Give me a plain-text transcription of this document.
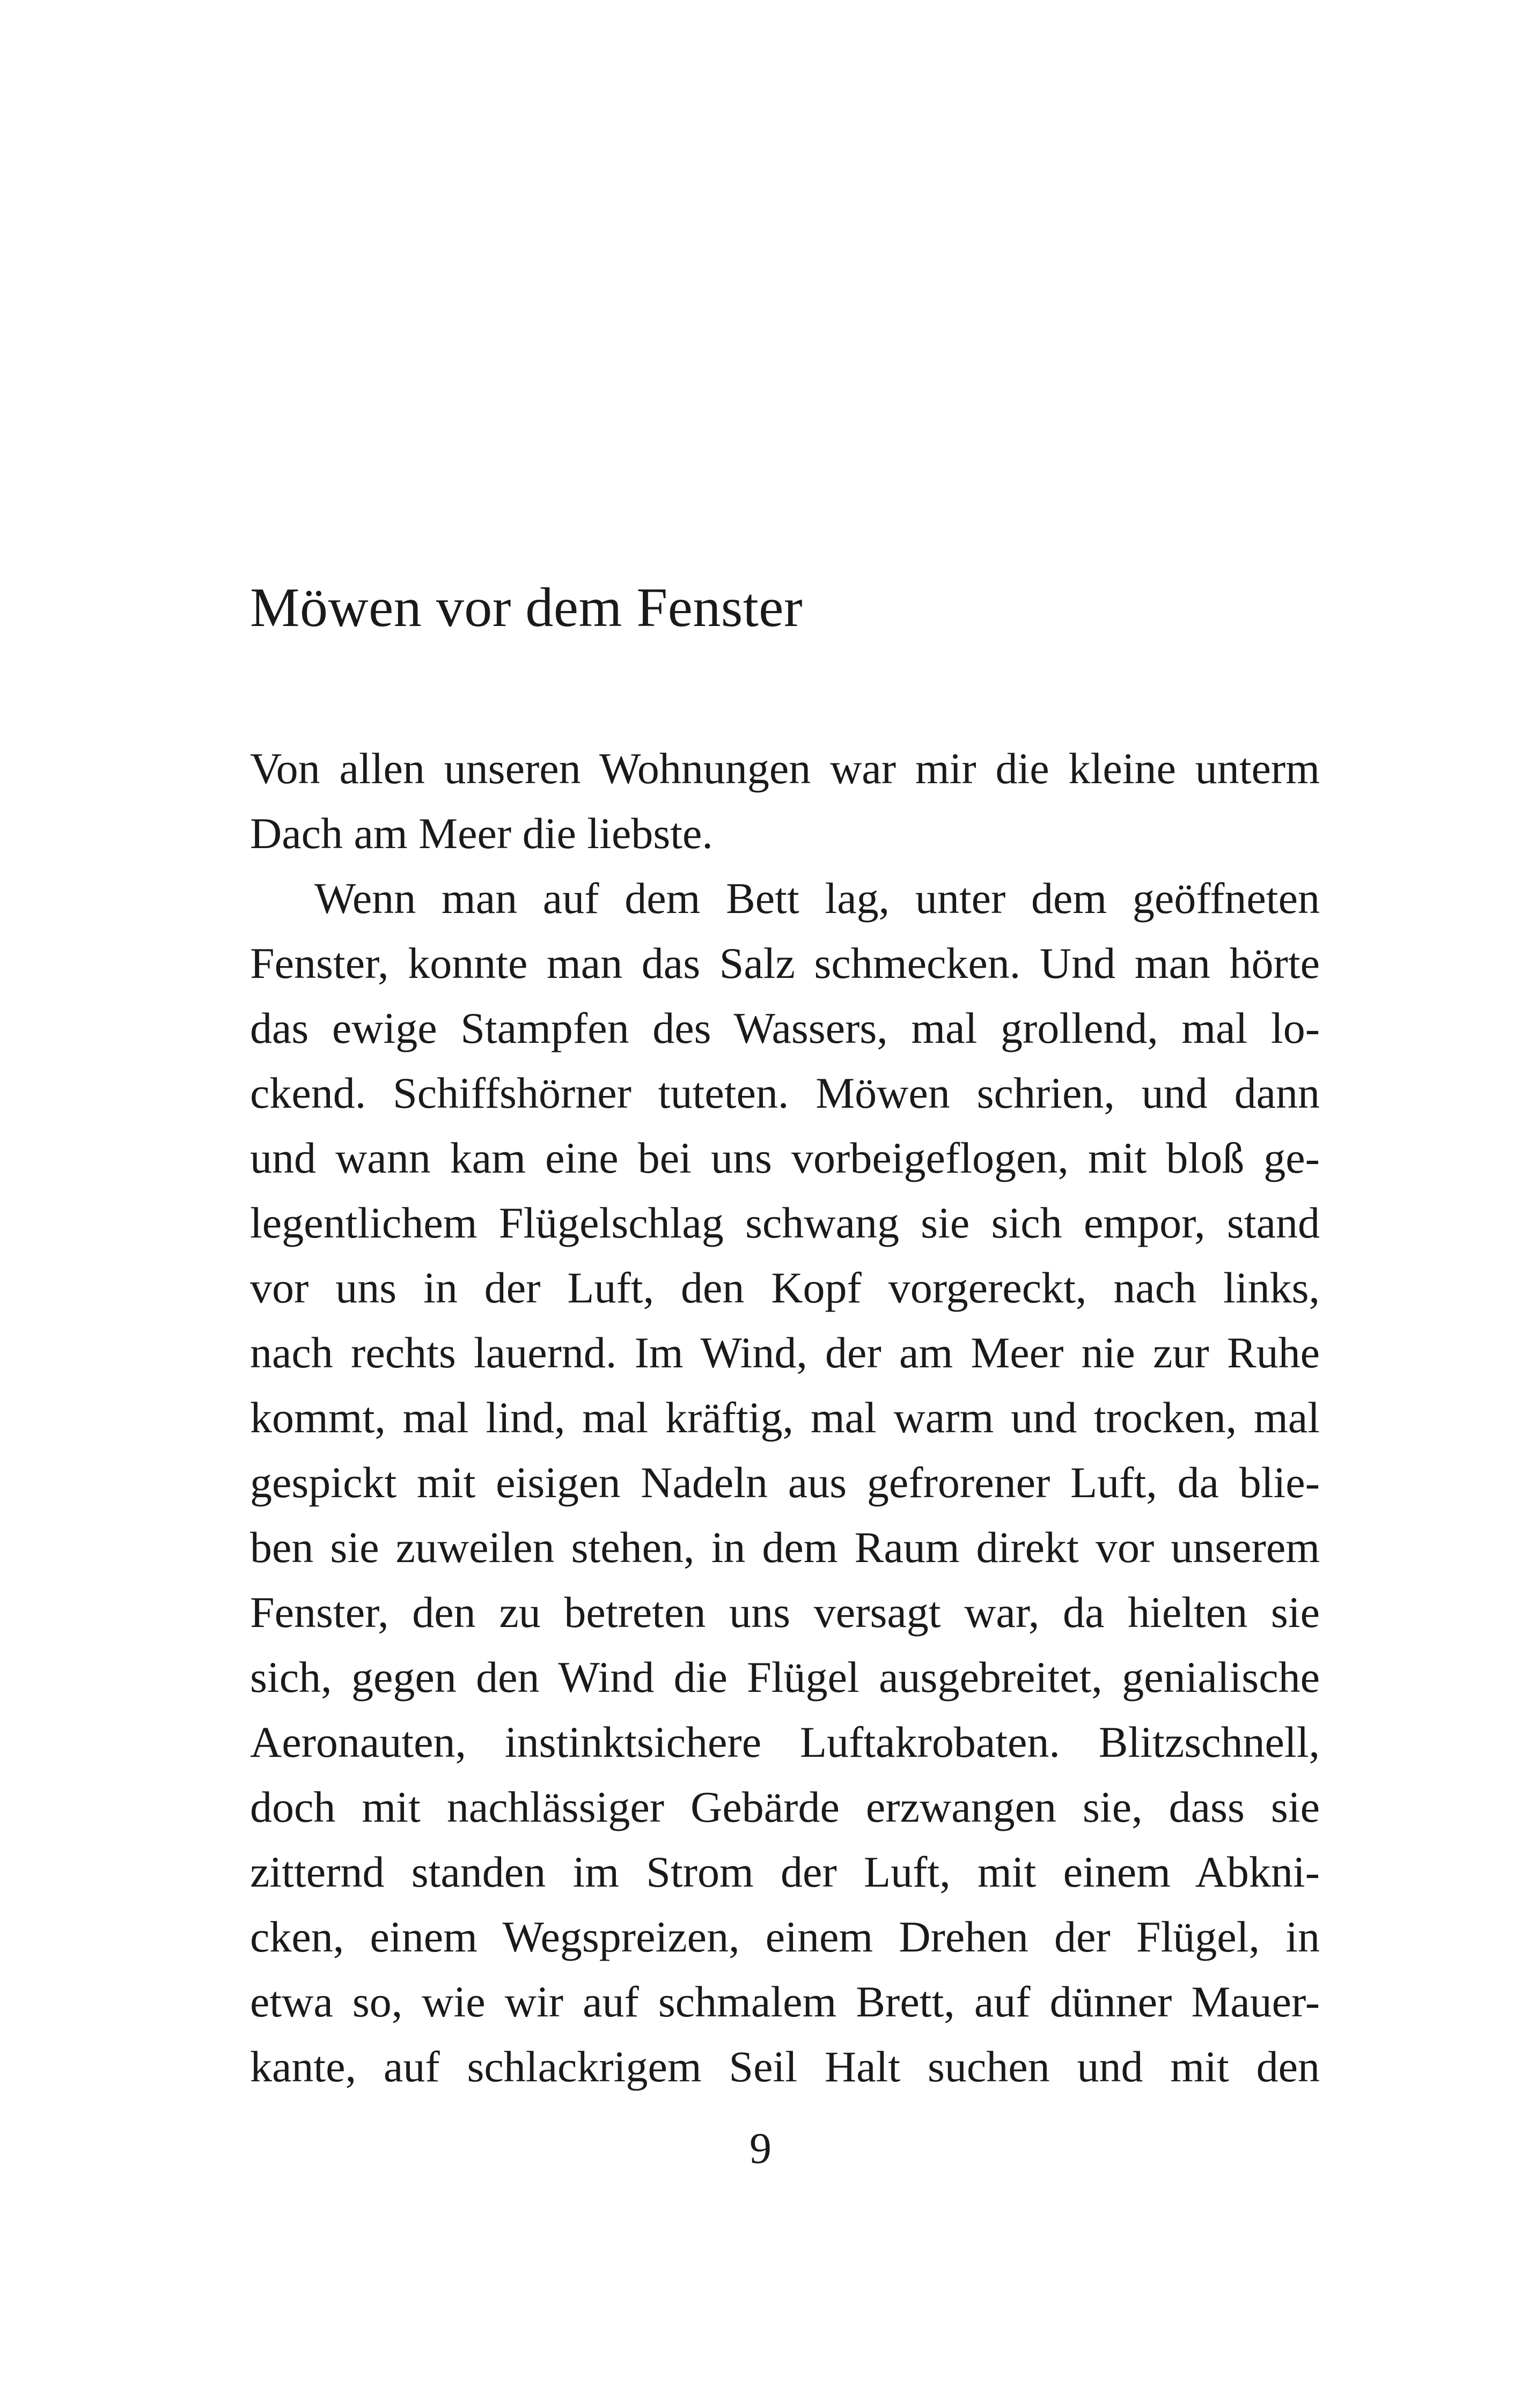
Möwen vor dem Fenster
Von allen unseren Wohnungen war mir die kleine unterm
Dach am Meer die liebste.
Wenn man auf dem Bett lag, unter dem geöffneten
Fenster, konnte man das Salz schmecken. Und man hörte
das ewige Stampfen des Wassers, mal grollend, mal lo-
ckend. Schiffshörner tuteten. Möwen schrien, und dann
und wann kam eine bei uns vorbeigeflogen, mit bloß ge-
legentlichem Flügelschlag schwang sie sich empor, stand
vor uns in der Luft, den Kopf vorgereckt, nach links,
nach rechts lauernd. Im Wind, der am Meer nie zur Ruhe
kommt, mal lind, mal kräftig, mal warm und trocken, mal
gespickt mit eisigen Nadeln aus gefrorener Luft, da blie-
ben sie zuweilen stehen, in dem Raum direkt vor unserem
Fenster, den zu betreten uns versagt war, da hielten sie
sich, gegen den Wind die Flügel ausgebreitet, genialische
Aeronauten, instinktsichere Luftakrobaten. Blitzschnell,
doch mit nachlässiger Gebärde erzwangen sie, dass sie
zitternd standen im Strom der Luft, mit einem Abkni-
cken, einem Wegspreizen, einem Drehen der Flügel, in
etwa so, wie wir auf schmalem Brett, auf dünner Mauer-
kante, auf schlackrigem Seil Halt suchen und mit den

9
